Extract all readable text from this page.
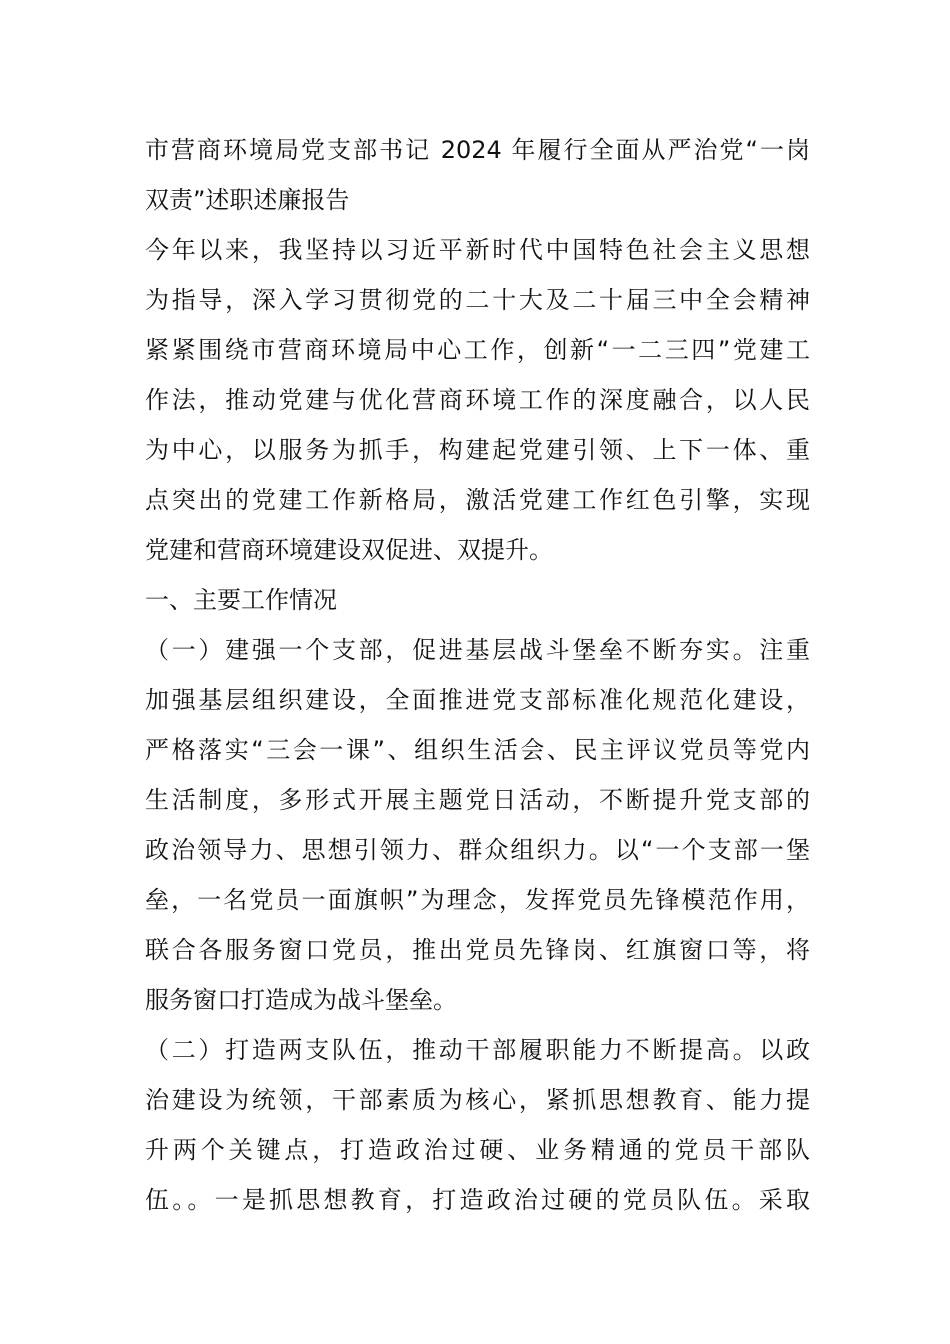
市营商环境局党支部书记 2024 年履行全面从严治党“一岗
双责”述职述廉报告
今年以来，我坚持以习近平新时代中国特色社会主义思想
为指导，深入学习贯彻党的二十大及二十届三中全会精神
紧紧围绕市营商环境局中心工作，创新“一二三四”党建工
作法，推动党建与优化营商环境工作的深度融合，以人民
为中心，以服务为抓手，构建起党建引领、上下一体、重
点突出的党建工作新格局，激活党建工作红色引擎，实现
党建和营商环境建设双促进、双提升。
一、主要工作情况
（一）建强一个支部，促进基层战斗堡垒不断夯实。注重
加强基层组织建设，全面推进党支部标准化规范化建设，
严格落实“三会一课”、组织生活会、民主评议党员等党内
生活制度，多形式开展主题党日活动，不断提升党支部的
政治领导力、思想引领力、群众组织力。以“一个支部一堡
垒，一名党员一面旗帜”为理念，发挥党员先锋模范作用，
联合各服务窗口党员，推出党员先锋岗、红旗窗口等，将
服务窗口打造成为战斗堡垒。
（二）打造两支队伍，推动干部履职能力不断提高。以政
治建设为统领，干部素质为核心，紧抓思想教育、能力提
升两个关键点，打造政治过硬、业务精通的党员干部队
伍。。一是抓思想教育，打造政治过硬的党员队伍。采取
